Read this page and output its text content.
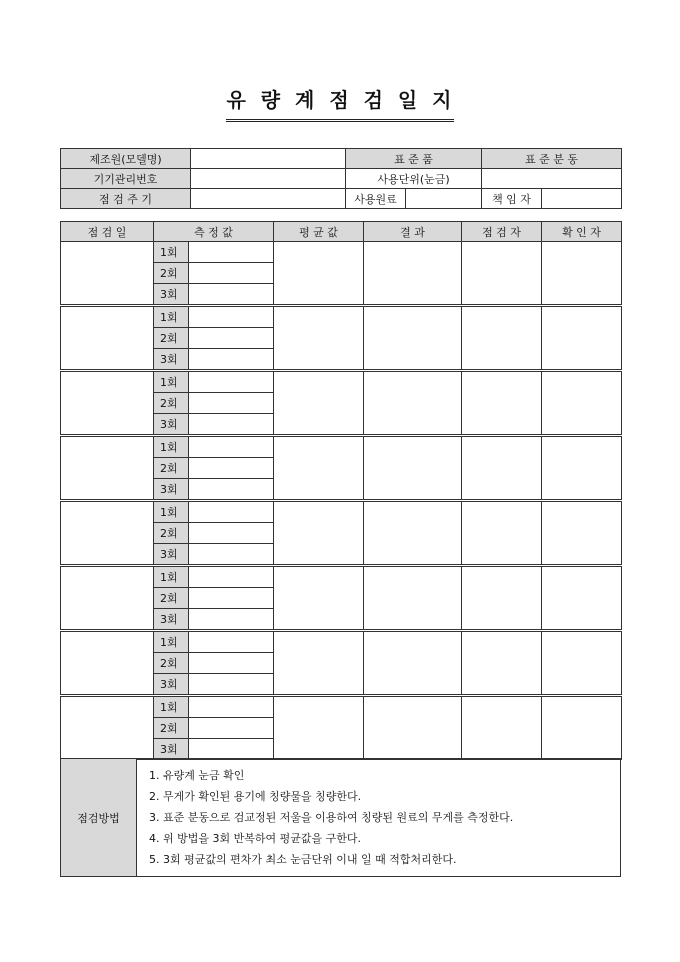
유 량 계 점 검 일 지
제조원(모델명)		표 준 품		표 준 분 동	
기기관리번호		사용단위(눈금)			
점 검 주 기		사용원료		책 임 자	
점 검 일	측 정 값		평 균 값	결 과	점 검 자	확 인 자
	1회					
	2회					
	3회					
	1회					
	2회					
	3회					
	1회					
	2회					
	3회					
	1회					
	2회					
	3회					
	1회					
	2회					
	3회					
	1회					
	2회					
	3회					
	1회					
	2회					
	3회					
	1회					
	2회					
	3회					
점검방법	
1. 유량계 눈금 확인
2. 무게가 확인된 용기에 칭량물을 칭량한다.
3. 표준 분동으로 검교정된 저울을 이용하여 칭량된 원료의 무게를 측정한다.
4. 위 방법을 3회 반복하여 평균값을 구한다.
5. 3회 평균값의 편차가 최소 눈금단위 이내 일 때 적합처리한다.
